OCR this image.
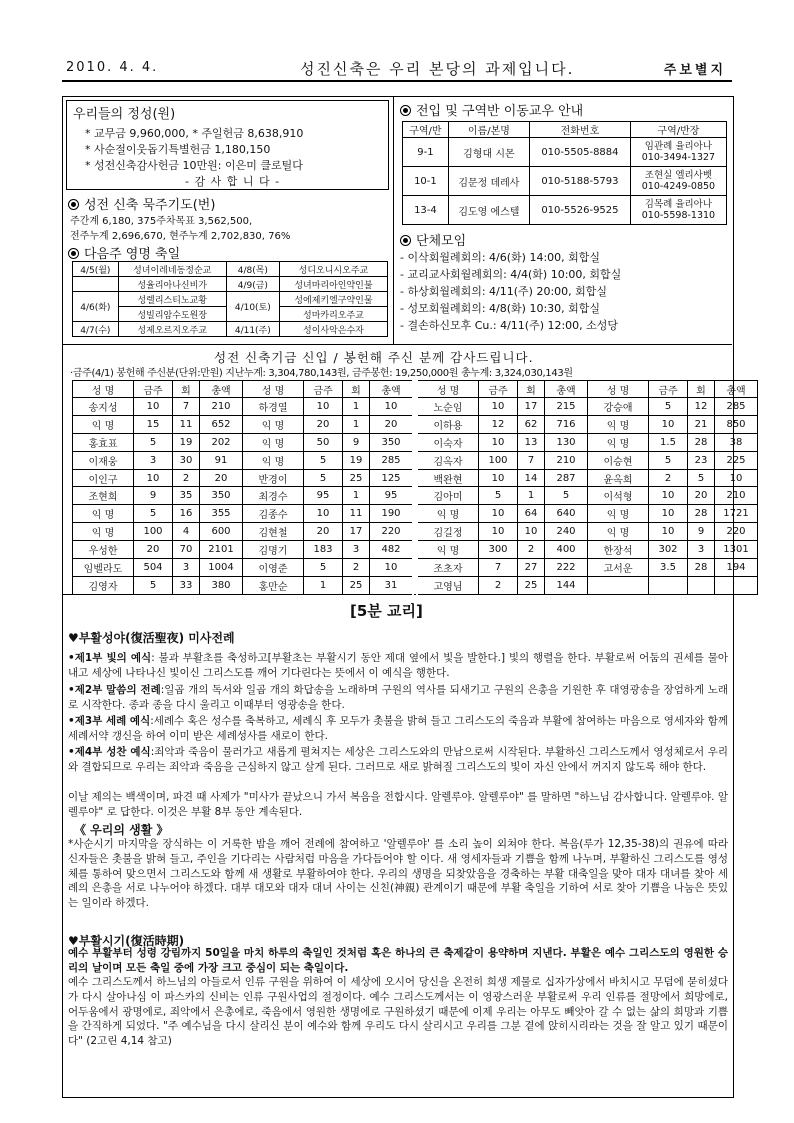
2010. 4. 4.	성진신축은 우리 본당의 과제입니다.	주보별지
우리들의 정성(원)
* 교무금 9,960,000, * 주일헌금 8,638,910
* 사순절이웃돕기특별헌금 1,180,150
* 성전신축감사헌금 10만원: 이은미 클로틸다
- 감 사 합 니 다 -
성전 신축 묵주기도(번)
주간계 6,180, 375주차목표 3,562,500,
전주누계 2,696,670, 현주누계 2,702,830, 76%
다음주 영명 축일
4/5(월)	성녀이레네동정순교	4/8(목)	성디오니시오주교
	성율리아나신비가	4/9(금)	성녀마리아인약인불
4/6(화)	성렐리스티노교황	4/10(토)	성에제키엘구약인물
	성빌리암수도원장		성마카리오주교
4/7(수)	성제오르지오주교	4/11(주)	성이사악은수자
전입 및 구역반 이동교우 안내
구역/반	이름/본명	전화번호	구역/반장
9-1	김형대 시몬	010-5505-8884	임관례 율리아나
010-3494-1327

10-1	김문정 데레사	010-5188-5793	조현실 엘리사벳
010-4249-0850

13-4	김도영 에스텔	010-5526-9525	김목례 율리아나
010-5598-1310
단체모임
- 이삭회월례회의: 4/6(화) 14:00, 회합실
- 교리교사회월례회의: 4/4(화) 10:00, 회합실
- 하상회월례회의: 4/11(주) 20:00, 회합실
- 성모회월례회의: 4/8(화) 10:30, 회합실
- 결손하신모후 Cu.: 4/11(주) 12:00, 소성당
성전 신축기금 신입 / 봉헌해 주신 분께 감사드립니다.
·금주(4/1) 봉헌해 주신분(단위:만원) 지난누계: 3,304,780,143원, 금주봉헌: 19,250,000원 총누계: 3,324,030,143원
성 명	금주	회	총액	성 명	금주	회	총액	성 명	금주	회	총액	성 명	금주	회	총액
송지성	10	7	210	하경열	10	1	10	노순임	10	17	215	강승애	5	12	285
익 명	15	11	652	익 명	20	1	20	이하용	12	62	716	익 명	10	21	850
홍효표	5	19	202	익 명	50	9	350	이숙자	10	13	130	익 명	1.5	28	38
이재웅	3	30	91	익 명	5	19	285	김옥자	100	7	210	이승현	5	23	225
이인구	10	2	20	반경이	5	25	125	백완현	10	14	287	윤옥희	2	5	10
조현희	9	35	350	최경수	95	1	95	김아미	5	1	5	이석형	10	20	210
익 명	5	16	355	김종수	10	11	190	익 명	10	64	640	익 명	10	28	1721
익 명	100	4	600	김현철	20	17	220	김길정	10	10	240	익 명	10	9	220
우성한	20	70	2101	김명기	183	3	482	익 명	300	2	400	한장석	302	3	1301
임벨라도	504	3	1004	이영준	5	2	10	조초자	7	27	222	고서운	3.5	28	194
김영자	5	33	380	홍만순	1	25	31	고영님	2	25	144				
[5분 교리]
♥부활성야(復活聖夜) 미사전례
•제1부 빛의 예식: 불과 부활초를 축성하고[부활초는 부활시기 동안 제대 옆에서 빛을 발한다.] 빛의 행렬을 한다. 부활로써 어둠의 권세를 물아내고 세상에 나타나신 빛이신 그리스도를 깨어 기다린다는 뜻에서 이 예식을 행한다.
•제2부 말씀의 전례:일곱 개의 독서와 일곱 개의 화답송을 노래하며 구원의 역사를 되새기고 구원의 은총을 기원한 후 대영광송을 장엄하게 노래로 시작한다. 종과 종을 다시 울리고 이때부터 영광송을 한다.
•제3부 세례 예식:세례수 혹은 성수를 축복하고, 세례식 후 모두가 촛불을 밝혀 들고 그리스도의 죽음과 부활에 참여하는 마음으로 영세자와 함께 세례서약 갱신을 하여 이미 받은 세례성사를 새로이 한다.
•제4부 성찬 예식:죄악과 죽음이 물러가고 새롭게 펼쳐지는 세상은 그리스도와의 만남으로써 시작된다. 부활하신 그리스도께서 영성체로서 우리와 결합되므로 우리는 죄악과 죽음을 근심하지 않고 살게 된다. 그러므로 새로 밝혀질 그리스도의 빛이 자신 안에서 꺼지지 않도록 해야 한다.
이날 제의는 백색이며, 파견 때 사제가 "미사가 끝났으니 가서 복음을 전합시다. 알렐루야. 알렐루야" 를 말하면 "하느님 감사합니다. 알렐루야. 알렐루야" 로 답한다. 이것은 부활 8부 동안 계속된다.
《 우리의 생활 》
*사순시기 마지막을 장식하는 이 거룩한 밤을 깨어 전례에 참여하고 '알렐루야' 를 소리 높이 외쳐야 한다. 복음(루가 12,35-38)의 권유에 따라 신자들은 촛불을 밝혀 들고, 주인을 기다리는 사람처럼 마음을 가다듬어야 할 이다. 새 영세자들과 기쁨을 함께 나누며, 부활하신 그리스도를 영성체를 통하여 맞으면서 그리스도와 함께 새 생활로 부활하여야 한다. 우리의 생명을 되찾았음을 경축하는 부활 대축일을 맞아 대자 대녀를 찾아 세례의 은총을 서로 나누어야 하겠다. 대부 대모와 대자 대녀 사이는 신친(神親) 관계이기 때문에 부활 축일을 기하여 서로 찾아 기쁨을 나눔은 뜻있는 일이라 하겠다.
♥부활시기(復活時期)
예수 부활부터 성령 강림까지 50일을 마치 하루의 축일인 것처럼 혹은 하나의 큰 축제같이 용약하며 지낸다. 부활은 예수 그리스도의 영원한 승리의 날이며 모든 축일 중에 가장 크고 중심이 되는 축일이다.
예수 그리스도께서 하느님의 아들로서 인류 구원을 위하여 이 세상에 오시어 당신을 온전히 희생 제물로 십자가상에서 바치시고 무덤에 묻히셨다가 다시 살아나심 이 파스카의 신비는 인류 구원사업의 절정이다. 예수 그리스도께서는 이 영광스러운 부활로써 우리 인류를 절망에서 희망에로, 어두움에서 광명에로, 죄악에서 은총에로, 죽음에서 영원한 생명에로 구원하셨기 때문에 이제 우리는 아무도 빼앗아 갈 수 없는 삶의 희망과 기쁨을 간직하게 되었다. "주 예수님을 다시 살리신 분이 예수와 함께 우리도 다시 살리시고 우리를 그분 곁에 앉히시리라는 것을 잘 알고 있기 때문이다" (2고린 4,14 참고)
